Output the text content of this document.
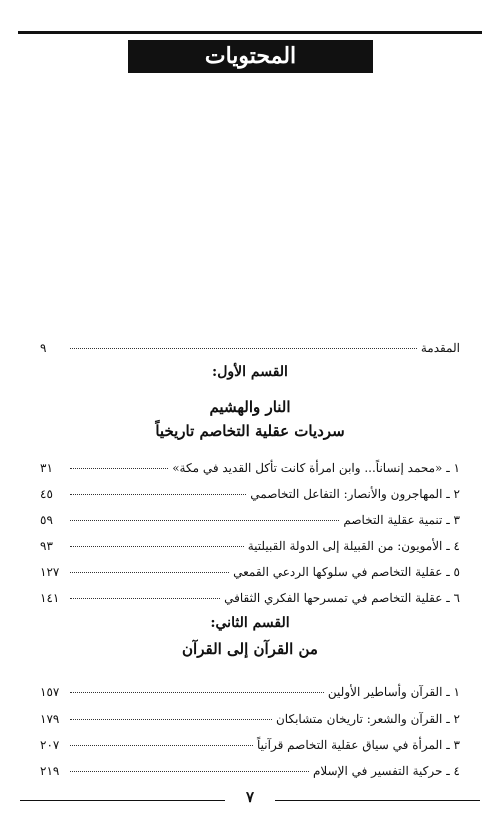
المحتويات
المقدمة
٩
القسم الأول:
النار والهشيم
سرديات عقلية التخاصم تاريخياً
١ ـ «محمد إنساناً... وابن امرأة كانت تأكل القديد في مكة»
٣١
٢ ـ المهاجرون والأنصار: التفاعل التخاصمي
٤٥
٣ ـ تنمية عقلية التخاصم
٥٩
٤ ـ الأمويون: من القبيلة إلى الدولة القبيلتية
٩٣
٥ ـ عقلية التخاصم في سلوكها الردعي القمعي
١٢٧
٦ ـ عقلية التخاصم في تمسرحها الفكري الثقافي
١٤١
القسم الثاني:
من القرآن إلى القرآن
١ ـ القرآن وأساطير الأولين
١٥٧
٢ ـ القرآن والشعر: تاريخان متشابكان
١٧٩
٣ ـ المرأة في سياق عقلية التخاصم قرآنياً
٢٠٧
٤ ـ حركية التفسير في الإسلام
٢١٩
٧
